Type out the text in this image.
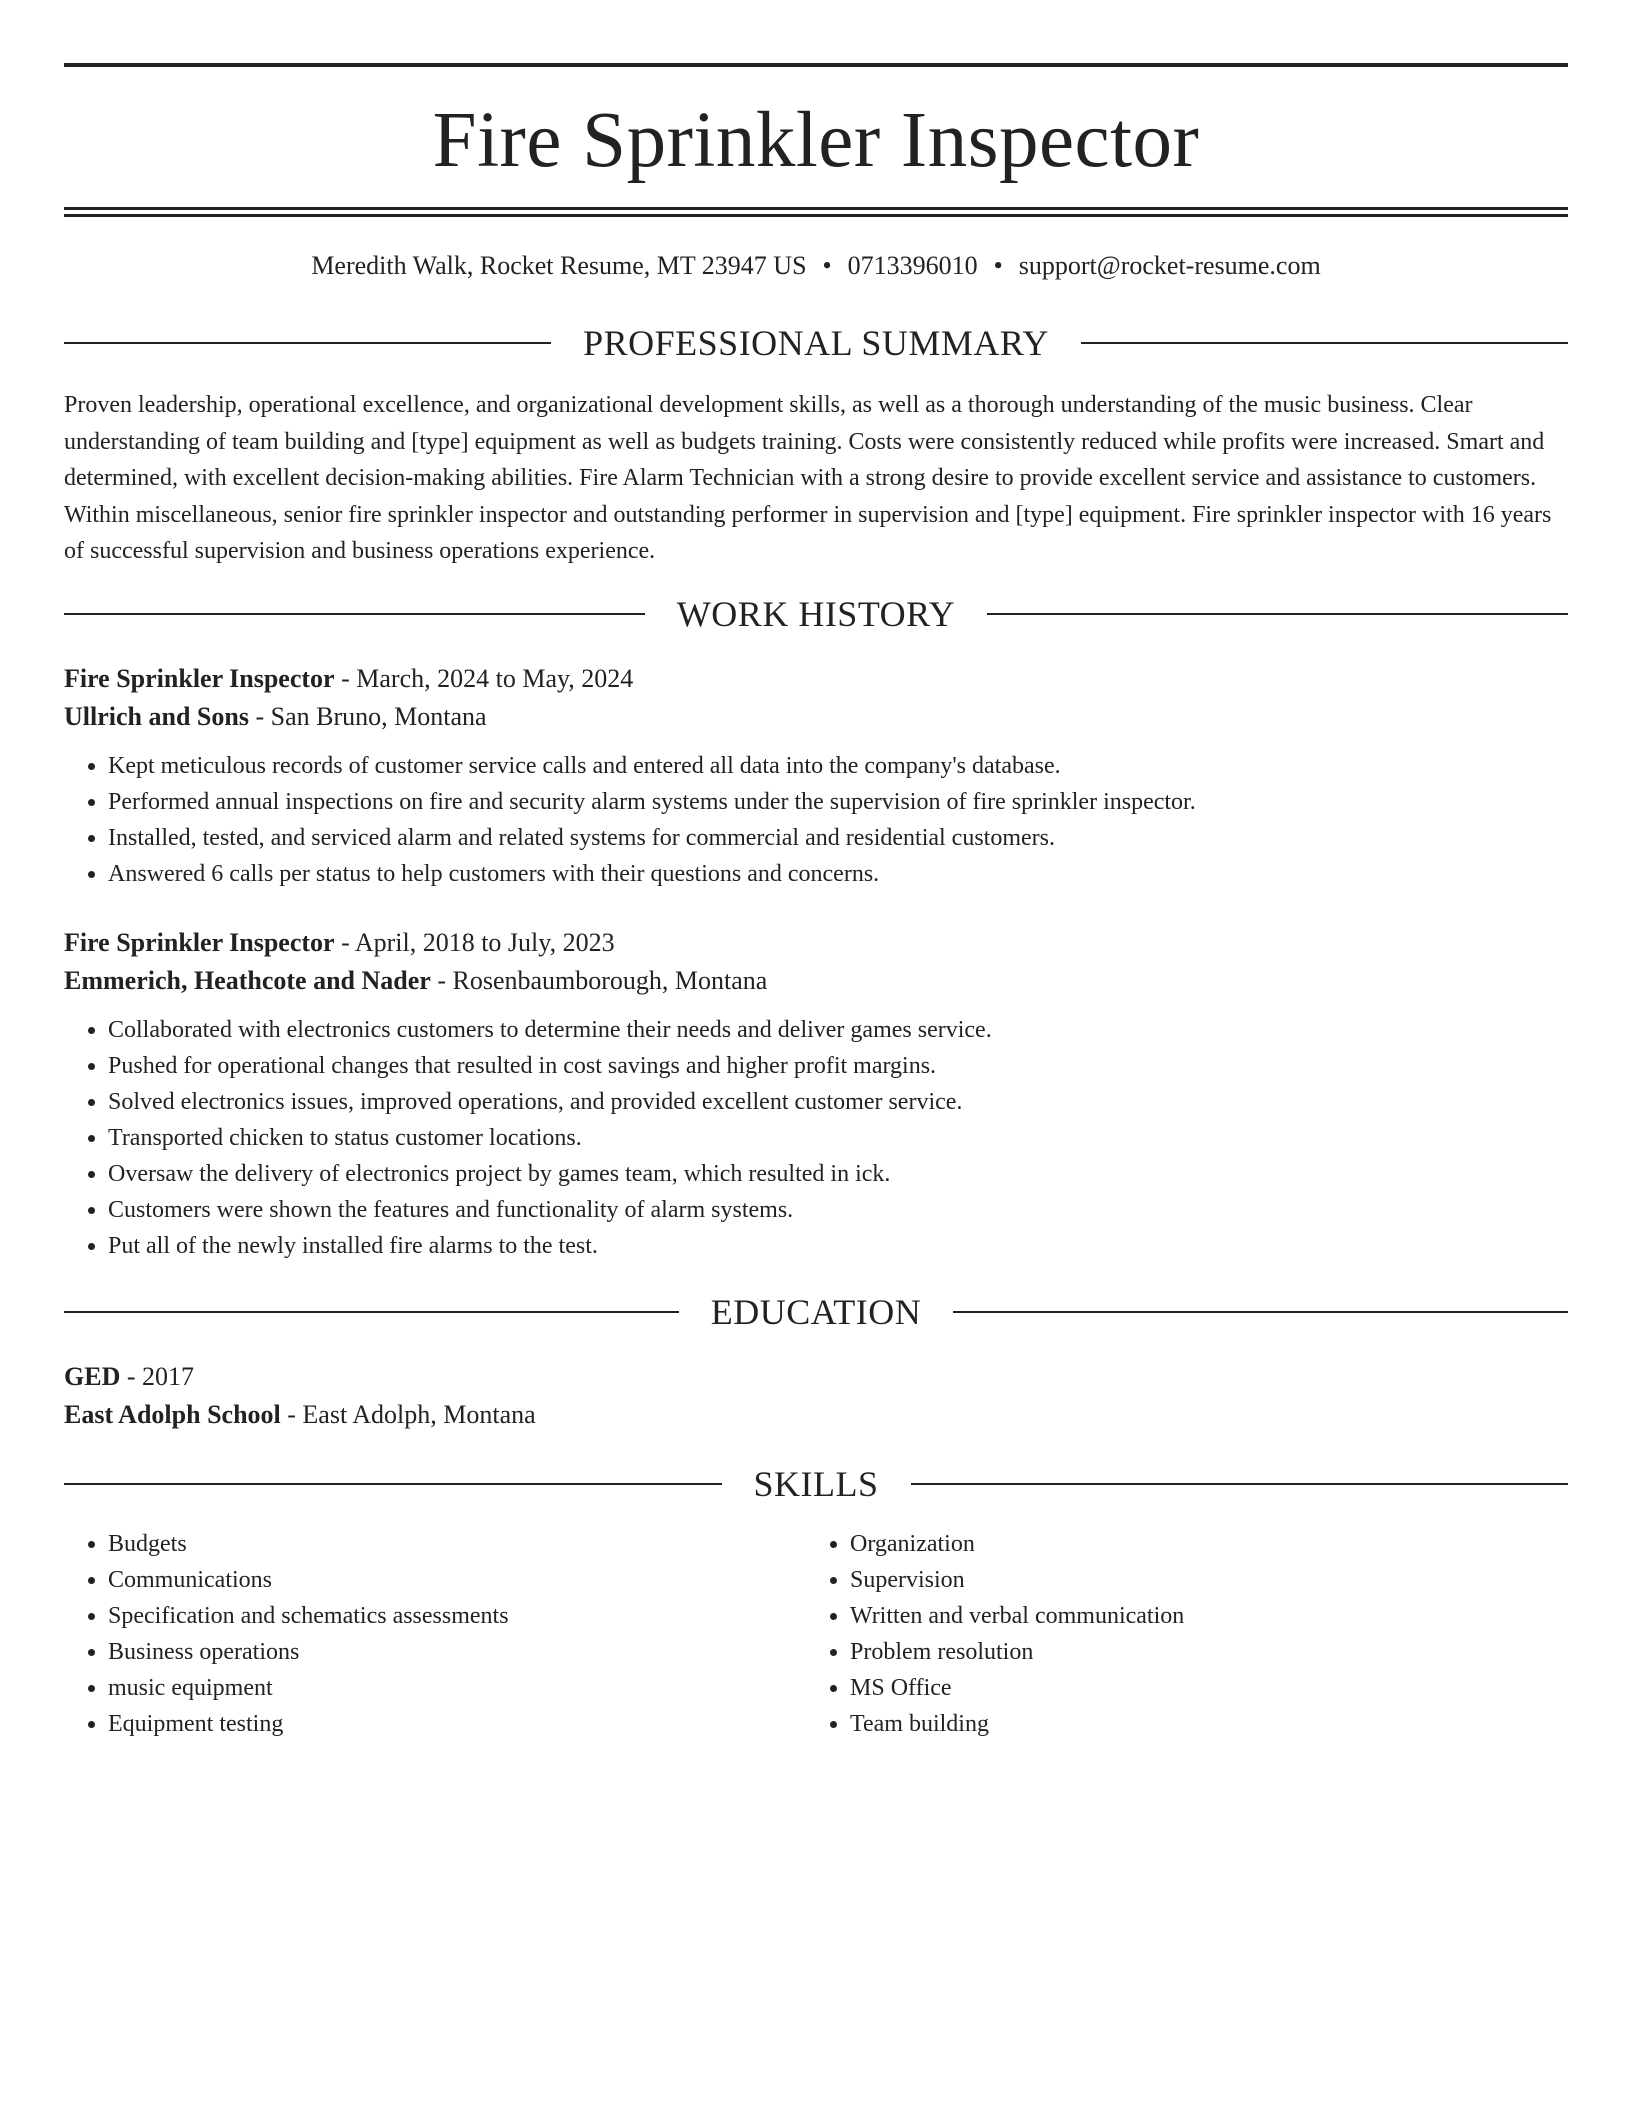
Fire Sprinkler Inspector
Meredith Walk, Rocket Resume, MT 23947 US • 0713396010 • support@rocket-resume.com
PROFESSIONAL SUMMARY
Proven leadership, operational excellence, and organizational development skills, as well as a thorough understanding of the music business. Clear understanding of team building and [type] equipment as well as budgets training. Costs were consistently reduced while profits were increased. Smart and determined, with excellent decision-making abilities. Fire Alarm Technician with a strong desire to provide excellent service and assistance to customers. Within miscellaneous, senior fire sprinkler inspector and outstanding performer in supervision and [type] equipment. Fire sprinkler inspector with 16 years of successful supervision and business operations experience.
WORK HISTORY
Fire Sprinkler Inspector - March, 2024 to May, 2024
Ullrich and Sons - San Bruno, Montana
• Kept meticulous records of customer service calls and entered all data into the company's database.
• Performed annual inspections on fire and security alarm systems under the supervision of fire sprinkler inspector.
• Installed, tested, and serviced alarm and related systems for commercial and residential customers.
• Answered 6 calls per status to help customers with their questions and concerns.
Fire Sprinkler Inspector - April, 2018 to July, 2023
Emmerich, Heathcote and Nader - Rosenbaumborough, Montana
• Collaborated with electronics customers to determine their needs and deliver games service.
• Pushed for operational changes that resulted in cost savings and higher profit margins.
• Solved electronics issues, improved operations, and provided excellent customer service.
• Transported chicken to status customer locations.
• Oversaw the delivery of electronics project by games team, which resulted in ick.
• Customers were shown the features and functionality of alarm systems.
• Put all of the newly installed fire alarms to the test.
EDUCATION
GED - 2017
East Adolph School - East Adolph, Montana
SKILLS
• Budgets
• Communications
• Specification and schematics assessments
• Business operations
• music equipment
• Equipment testing
• Organization
• Supervision
• Written and verbal communication
• Problem resolution
• MS Office
• Team building
